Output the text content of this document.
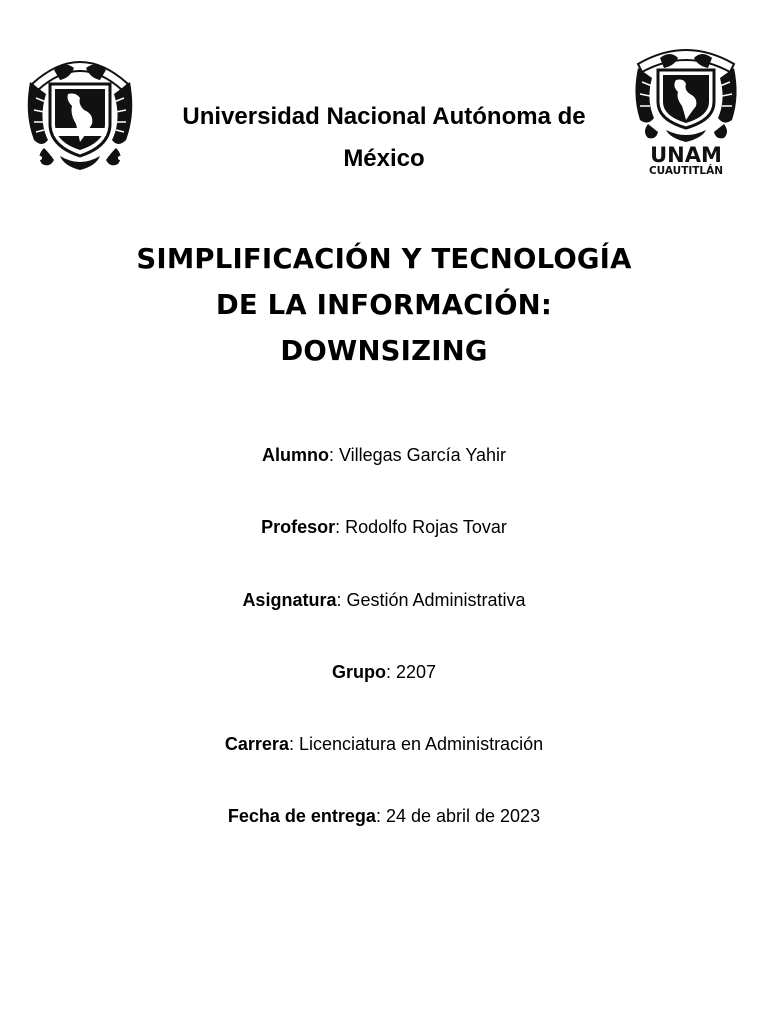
UNAM
CUAUTITLÁN
Universidad Nacional Autónoma de
México
SIMPLIFICACIÓN Y TECNOLOGÍA
DE LA INFORMACIÓN:
DOWNSIZING
Alumno: Villegas García Yahir
Profesor: Rodolfo Rojas Tovar
Asignatura: Gestión Administrativa
Grupo: 2207
Carrera: Licenciatura en Administración
Fecha de entrega: 24 de abril de 2023
